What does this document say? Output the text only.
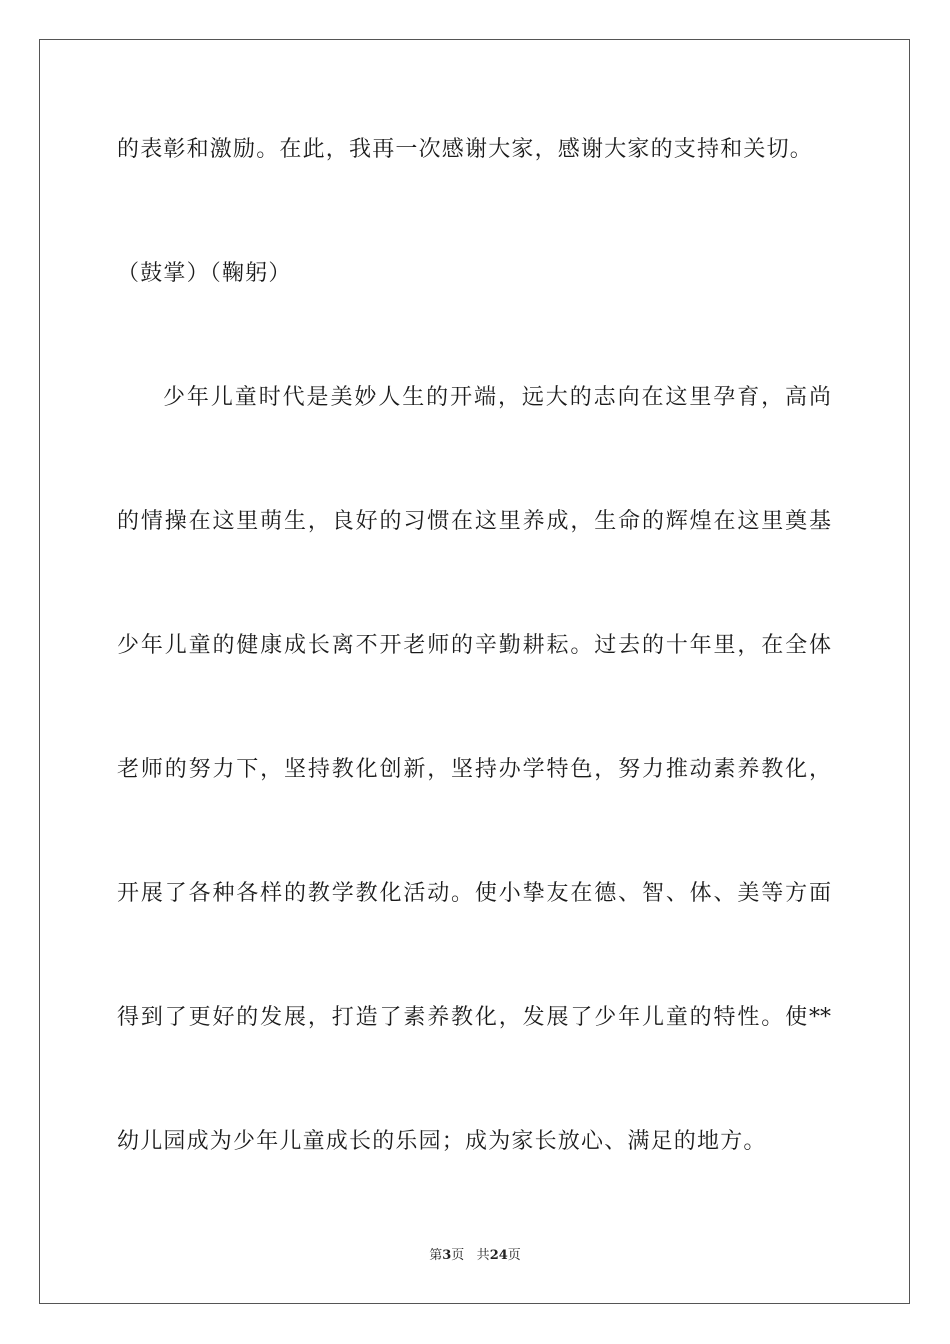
的表彰和激励。在此，我再一次感谢大家，感谢大家的支持和关切。
（鼓掌）（鞠躬）
少年儿童时代是美妙人生的开端，远大的志向在这里孕育，高尚
的情操在这里萌生，良好的习惯在这里养成，生命的辉煌在这里奠基
少年儿童的健康成长离不开老师的辛勤耕耘。过去的十年里，在全体
老师的努力下，坚持教化创新，坚持办学特色，努力推动素养教化，
开展了各种各样的教学教化活动。使小挚友在德、智、体、美等方面
得到了更好的发展，打造了素养教化，发展了少年儿童的特性。使**
幼儿园成为少年儿童成长的乐园；成为家长放心、满足的地方。
第3页 共24页
